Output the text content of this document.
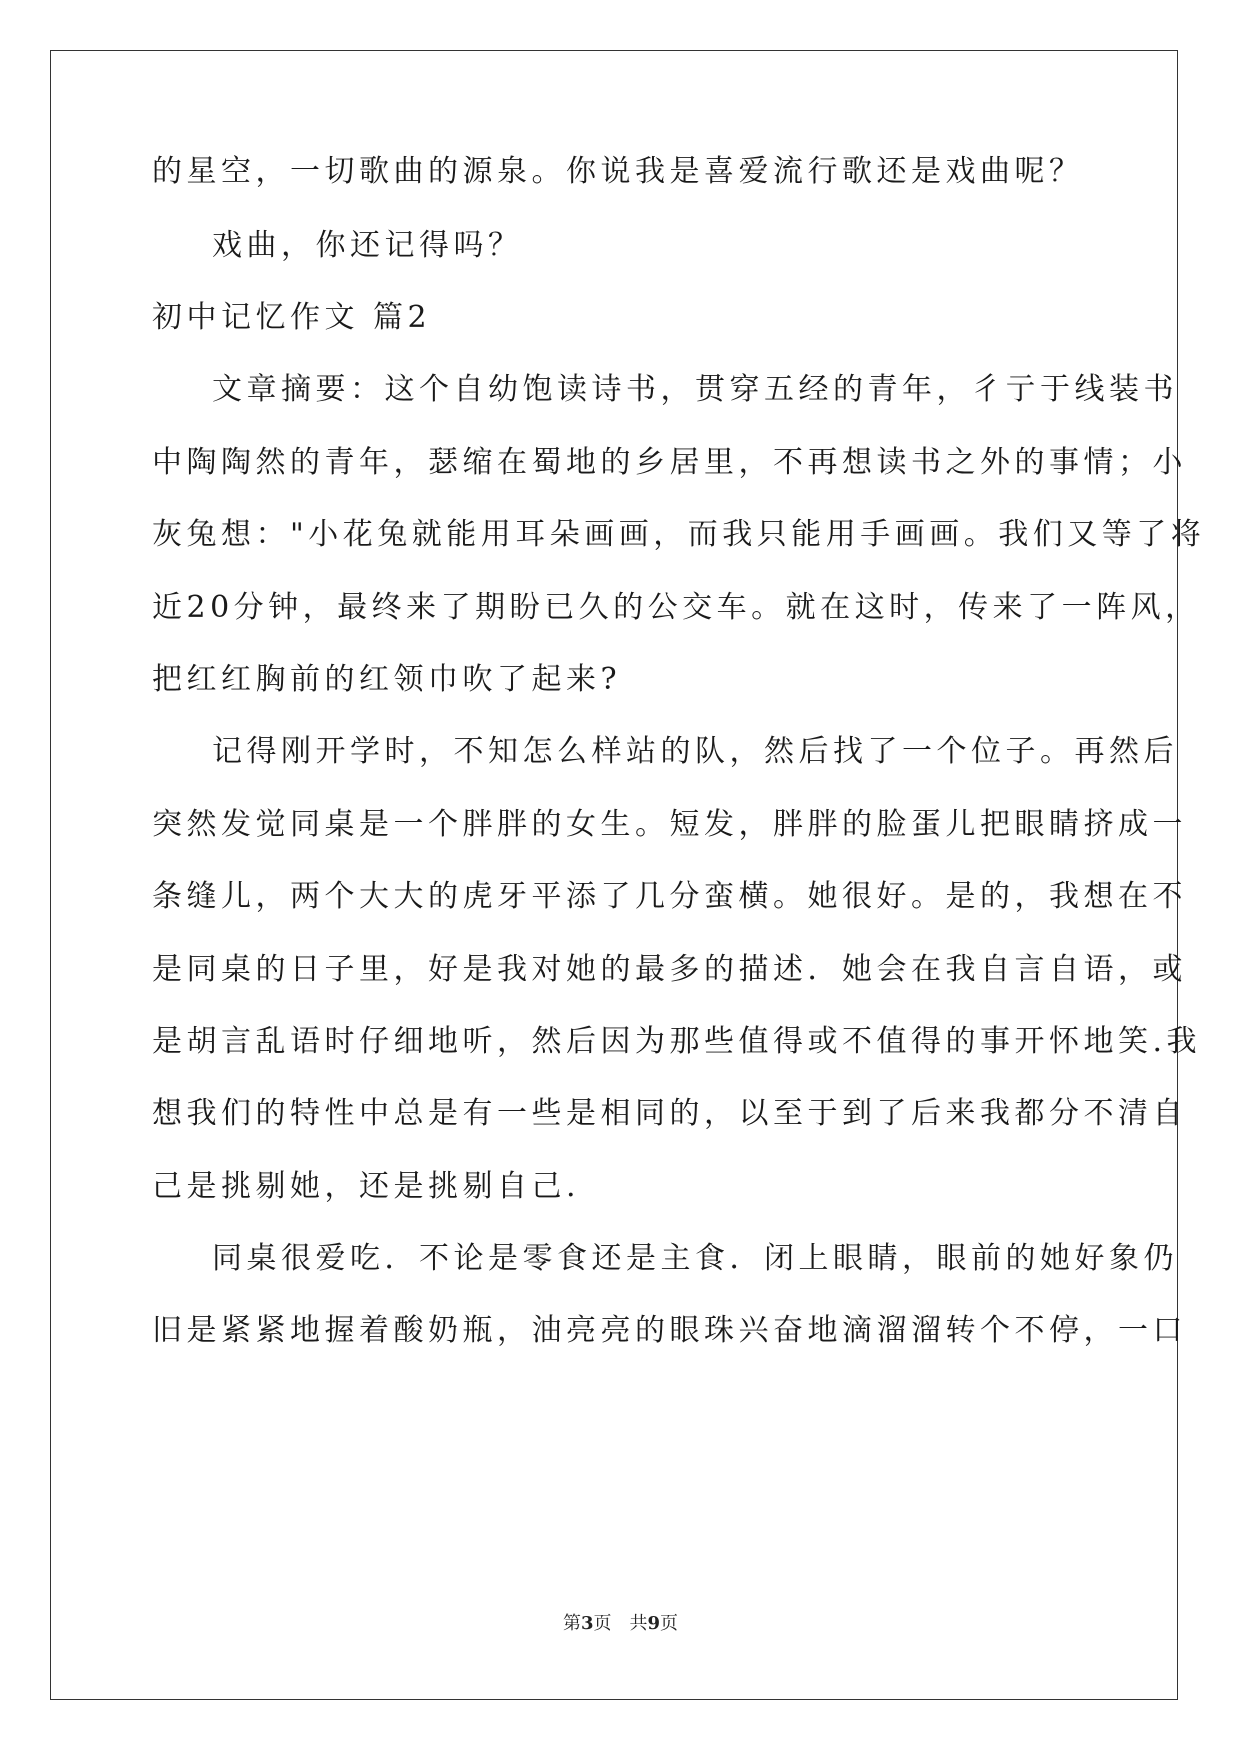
的星空，一切歌曲的源泉。你说我是喜爱流行歌还是戏曲呢？
戏曲，你还记得吗？
初中记忆作文 篇2
文章摘要：这个自幼饱读诗书，贯穿五经的青年，彳亍于线装书
中陶陶然的青年，瑟缩在蜀地的乡居里，不再想读书之外的事情；小
灰兔想："小花兔就能用耳朵画画，而我只能用手画画。我们又等了将
近20分钟，最终来了期盼已久的公交车。就在这时，传来了一阵风，
把红红胸前的红领巾吹了起来?
记得刚开学时，不知怎么样站的队，然后找了一个位子。再然后
突然发觉同桌是一个胖胖的女生。短发，胖胖的脸蛋儿把眼睛挤成一
条缝儿，两个大大的虎牙平添了几分蛮横。她很好。是的，我想在不
是同桌的日子里，好是我对她的最多的描述．她会在我自言自语，或
是胡言乱语时仔细地听，然后因为那些值得或不值得的事开怀地笑.我
想我们的特性中总是有一些是相同的，以至于到了后来我都分不清自
己是挑剔她，还是挑剔自己.
同桌很爱吃．不论是零食还是主食．闭上眼睛，眼前的她好象仍
旧是紧紧地握着酸奶瓶，油亮亮的眼珠兴奋地滴溜溜转个不停，一口
第3页　共9页
